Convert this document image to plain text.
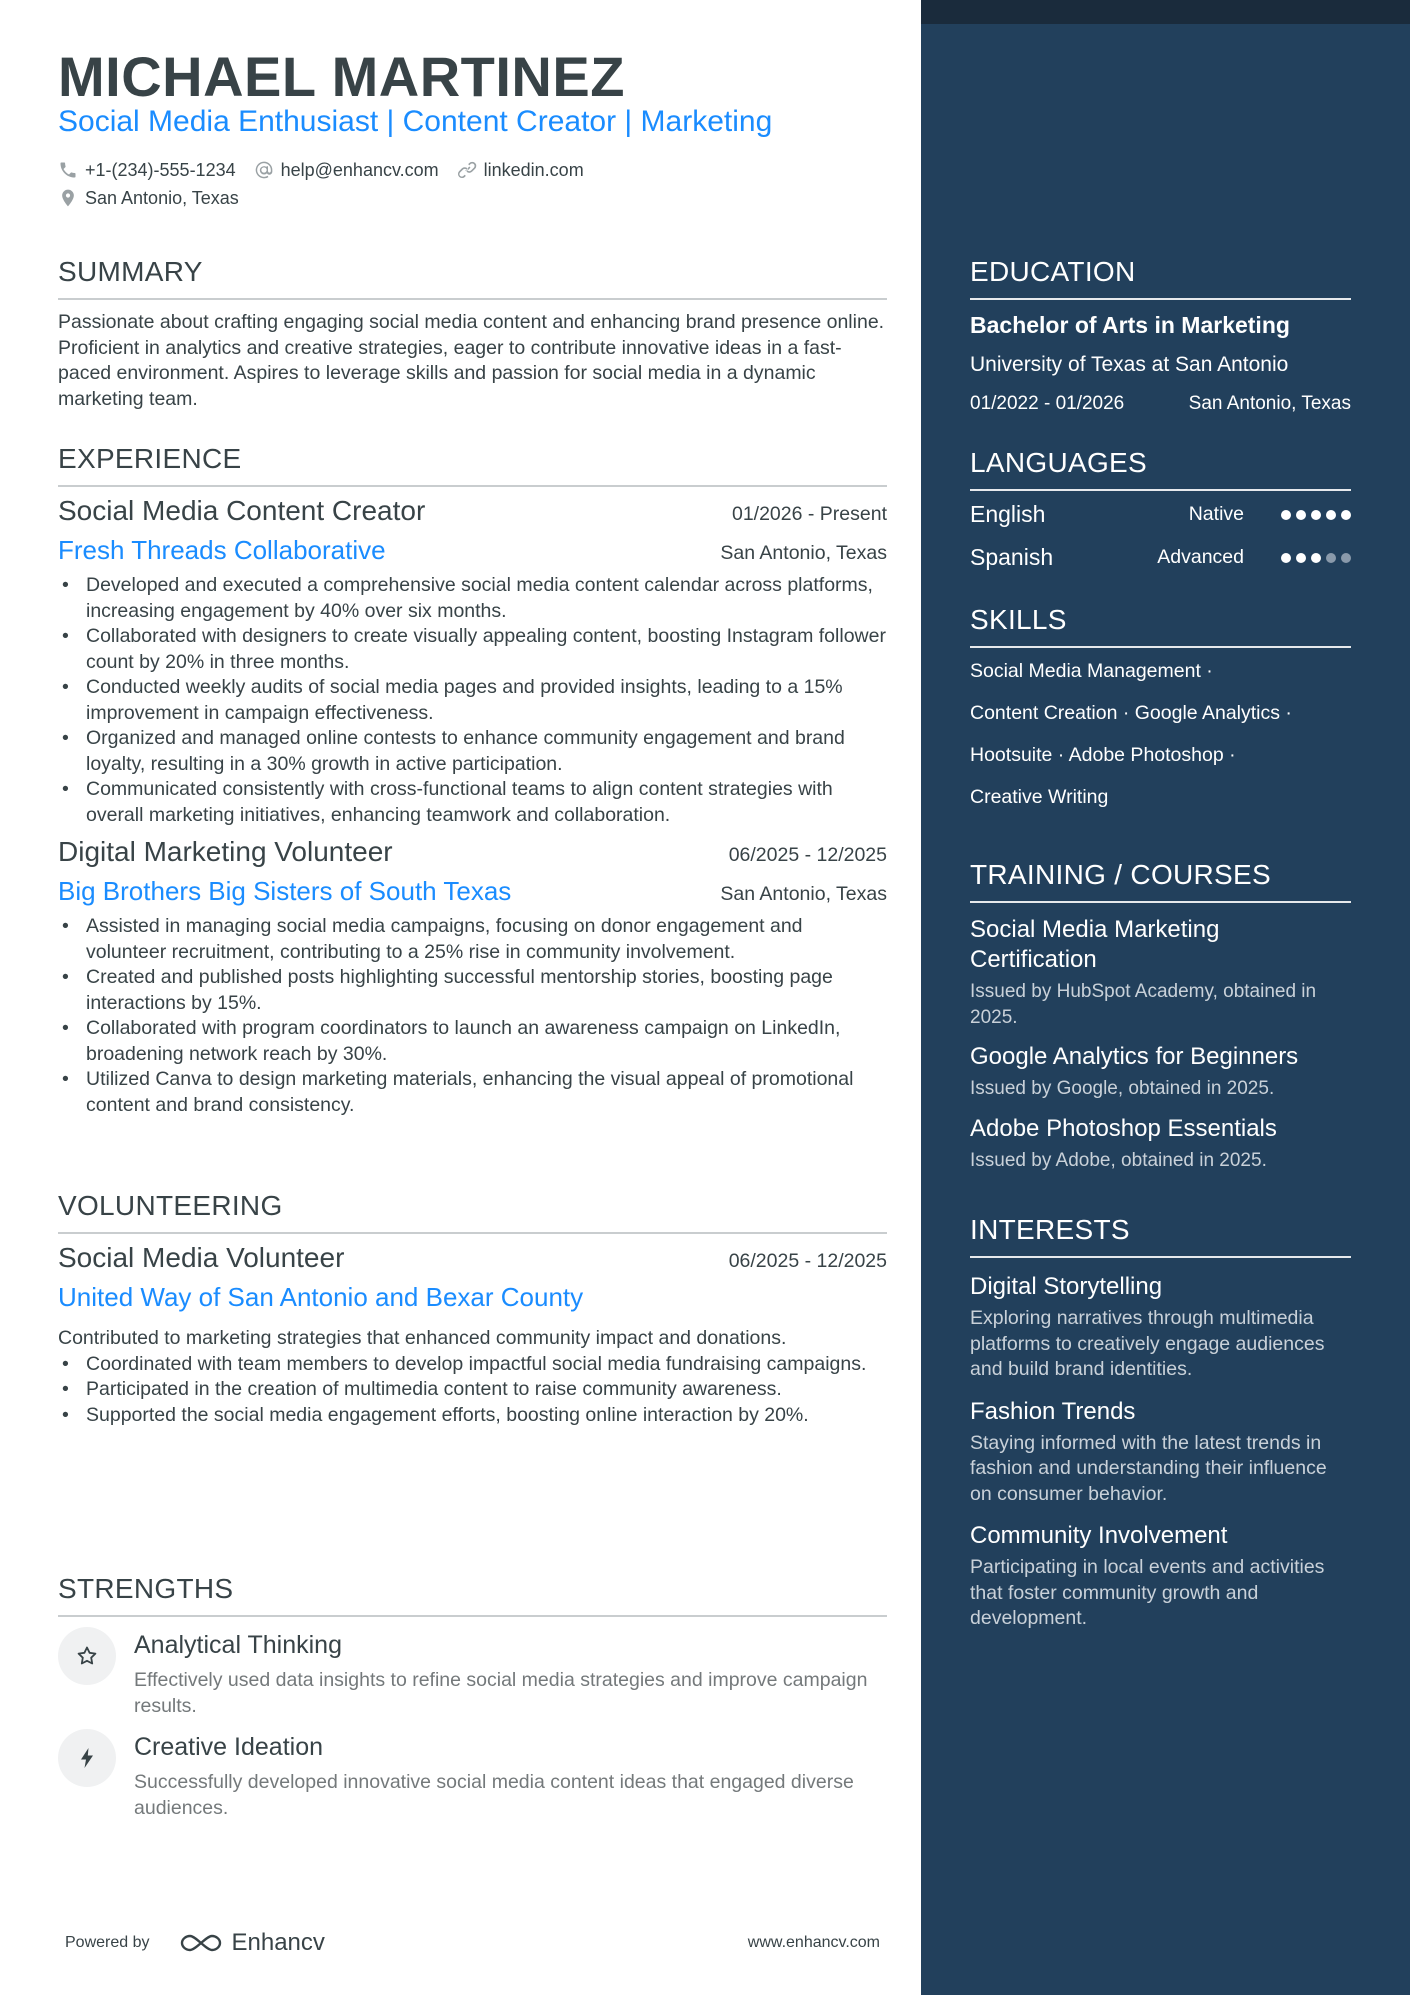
MICHAEL MARTINEZ
Social Media Enthusiast | Content Creator | Marketing
+1-(234)-555-1234	help@enhancv.com	linkedin.com
San Antonio, Texas
SUMMARY
Passionate about crafting engaging social media content and enhancing brand presence online. Proficient in analytics and creative strategies, eager to contribute innovative ideas in a fast-paced environment. Aspires to leverage skills and passion for social media in a dynamic marketing team.
EXPERIENCE
Social Media Content Creator	01/2026 - Present
Fresh Threads Collaborative	San Antonio, Texas
• Developed and executed a comprehensive social media content calendar across platforms, increasing engagement by 40% over six months.
• Collaborated with designers to create visually appealing content, boosting Instagram follower count by 20% in three months.
• Conducted weekly audits of social media pages and provided insights, leading to a 15% improvement in campaign effectiveness.
• Organized and managed online contests to enhance community engagement and brand loyalty, resulting in a 30% growth in active participation.
• Communicated consistently with cross-functional teams to align content strategies with overall marketing initiatives, enhancing teamwork and collaboration.
Digital Marketing Volunteer	06/2025 - 12/2025
Big Brothers Big Sisters of South Texas	San Antonio, Texas
• Assisted in managing social media campaigns, focusing on donor engagement and volunteer recruitment, contributing to a 25% rise in community involvement.
• Created and published posts highlighting successful mentorship stories, boosting page interactions by 15%.
• Collaborated with program coordinators to launch an awareness campaign on LinkedIn, broadening network reach by 30%.
• Utilized Canva to design marketing materials, enhancing the visual appeal of promotional content and brand consistency.
VOLUNTEERING
Social Media Volunteer	06/2025 - 12/2025
United Way of San Antonio and Bexar County
Contributed to marketing strategies that enhanced community impact and donations.
• Coordinated with team members to develop impactful social media fundraising campaigns.
• Participated in the creation of multimedia content to raise community awareness.
• Supported the social media engagement efforts, boosting online interaction by 20%.
STRENGTHS
Analytical Thinking
Effectively used data insights to refine social media strategies and improve campaign results.
Creative Ideation
Successfully developed innovative social media content ideas that engaged diverse audiences.
Powered by	Enhancv	www.enhancv.com
EDUCATION
Bachelor of Arts in Marketing
University of Texas at San Antonio
01/2022 - 01/2026	San Antonio, Texas
LANGUAGES
English	Native
Spanish	Advanced
SKILLS
Social Media Management ·
Content Creation · Google Analytics ·
Hootsuite · Adobe Photoshop ·
Creative Writing
TRAINING / COURSES
Social Media Marketing Certification
Issued by HubSpot Academy, obtained in 2025.
Google Analytics for Beginners
Issued by Google, obtained in 2025.
Adobe Photoshop Essentials
Issued by Adobe, obtained in 2025.
INTERESTS
Digital Storytelling
Exploring narratives through multimedia platforms to creatively engage audiences and build brand identities.
Fashion Trends
Staying informed with the latest trends in fashion and understanding their influence on consumer behavior.
Community Involvement
Participating in local events and activities that foster community growth and development.
